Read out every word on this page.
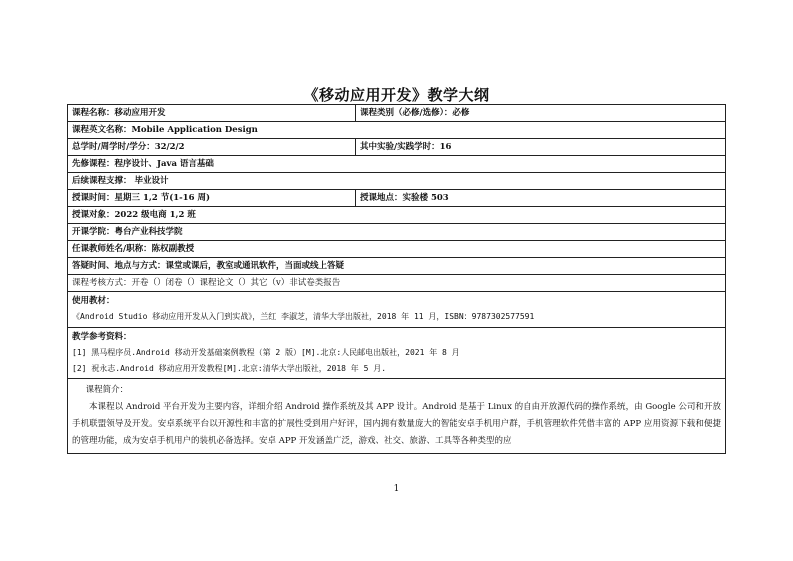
《移动应用开发》教学大纲
课程名称：移动应用开发	课程类别（必修/选修）：必修
课程英文名称：Mobile Application Design	
总学时/周学时/学分：32/2/2	其中实验/实践学时：16
先修课程：程序设计、Java 语言基础	
后续课程支撑： 毕业设计	
授课时间：星期三 1,2 节(1-16 周)	授课地点：实验楼 503
授课对象：2022 级电商 1,2 班	
开课学院：粤台产业科技学院	
任课教师姓名/职称：陈权副教授	
答疑时间、地点与方式：课堂或课后，教室或通讯软件，当面或线上答疑	
课程考核方式：开卷（）闭卷（）课程论文（）其它（v）非试卷类报告	

使用教材：
《Android Studio 移动应用开发从入门到实战》，兰红 李淑芝，清华大学出版社，2018 年 11 月，ISBN：9787302577591	

教学参考资料：
[1] 黑马程序员.Android 移动开发基础案例教程（第 2 版）[M].北京:人民邮电出版社，2021 年 8 月
[2] 祝永志.Android 移动应用开发教程[M].北京:清华大学出版社，2018 年 5 月.	

课程简介：

本课程以 Android 平台开发为主要内容，详细介绍 Android 操作系统及其 APP 设计。Android 是基于 Linux 的自由开放源代码的操作系统，由 Google 公司和开放手机联盟领导及开发。安卓系统平台以开源性和丰富的扩展性受到用户好评，国内拥有数量庞大的智能安卓手机用户群，手机管理软件凭借丰富的 APP 应用资源下载和便捷的管理功能，成为安卓手机用户的装机必备选择。安卓 APP 开发涵盖广泛，游戏、社交、旅游、工具等各种类型的应	

1
